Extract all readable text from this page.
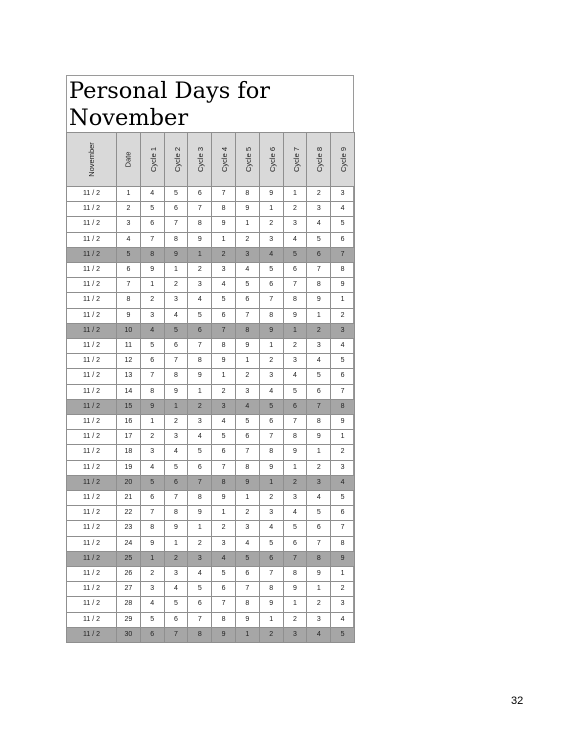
Personal Days for November
November	Date	Cycle 1	Cycle 2	Cycle 3	Cycle 4	Cycle 5	Cycle 6	Cycle 7	Cycle 8	Cycle 9
11 / 2	1	4	5	6	7	8	9	1	2	3
11 / 2	2	5	6	7	8	9	1	2	3	4
11 / 2	3	6	7	8	9	1	2	3	4	5
11 / 2	4	7	8	9	1	2	3	4	5	6
11 / 2	5	8	9	1	2	3	4	5	6	7
11 / 2	6	9	1	2	3	4	5	6	7	8
11 / 2	7	1	2	3	4	5	6	7	8	9
11 / 2	8	2	3	4	5	6	7	8	9	1
11 / 2	9	3	4	5	6	7	8	9	1	2
11 / 2	10	4	5	6	7	8	9	1	2	3
11 / 2	11	5	6	7	8	9	1	2	3	4
11 / 2	12	6	7	8	9	1	2	3	4	5
11 / 2	13	7	8	9	1	2	3	4	5	6
11 / 2	14	8	9	1	2	3	4	5	6	7
11 / 2	15	9	1	2	3	4	5	6	7	8
11 / 2	16	1	2	3	4	5	6	7	8	9
11 / 2	17	2	3	4	5	6	7	8	9	1
11 / 2	18	3	4	5	6	7	8	9	1	2
11 / 2	19	4	5	6	7	8	9	1	2	3
11 / 2	20	5	6	7	8	9	1	2	3	4
11 / 2	21	6	7	8	9	1	2	3	4	5
11 / 2	22	7	8	9	1	2	3	4	5	6
11 / 2	23	8	9	1	2	3	4	5	6	7
11 / 2	24	9	1	2	3	4	5	6	7	8
11 / 2	25	1	2	3	4	5	6	7	8	9
11 / 2	26	2	3	4	5	6	7	8	9	1
11 / 2	27	3	4	5	6	7	8	9	1	2
11 / 2	28	4	5	6	7	8	9	1	2	3
11 / 2	29	5	6	7	8	9	1	2	3	4
11 / 2	30	6	7	8	9	1	2	3	4	5
32
